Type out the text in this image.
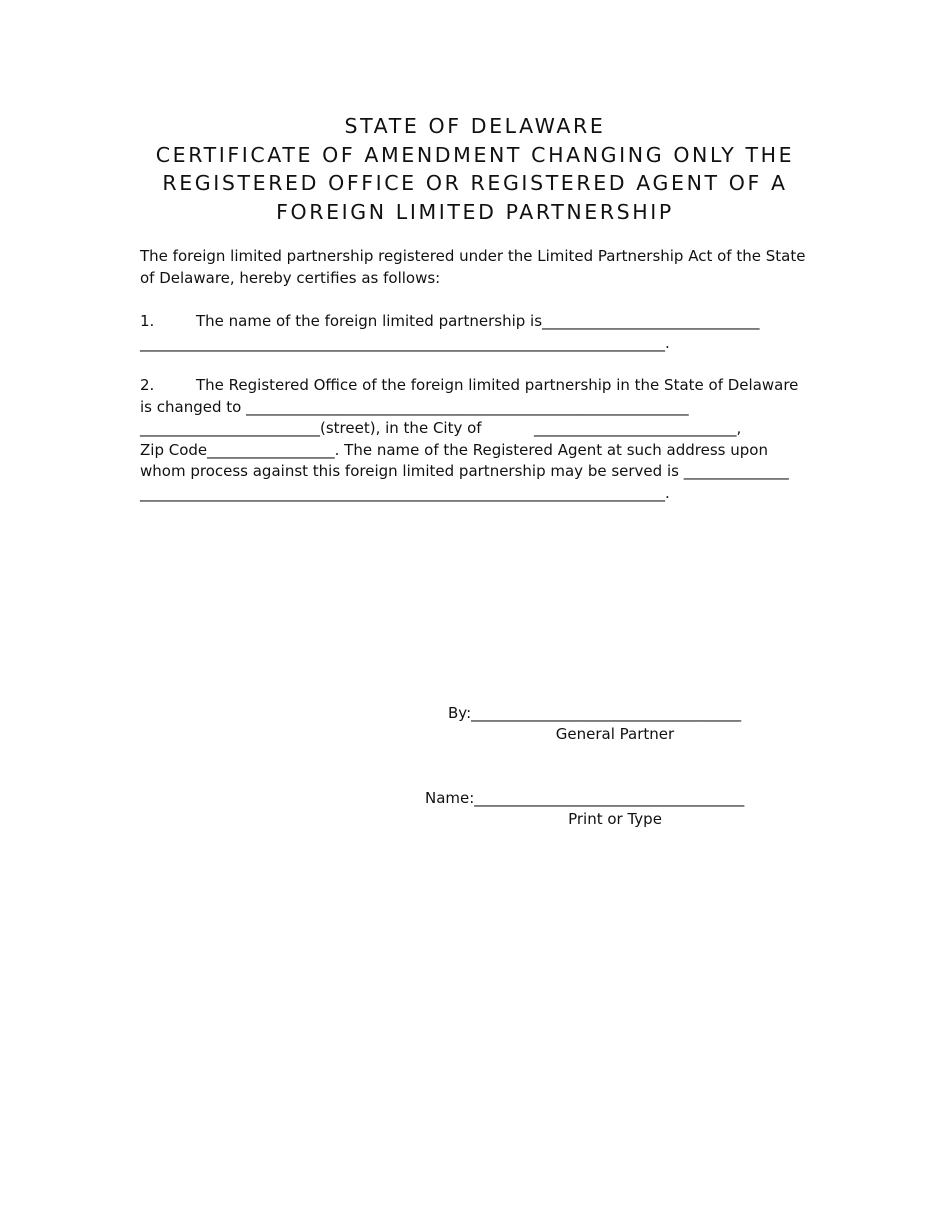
STATE OF DELAWARE
CERTIFICATE OF AMENDMENT CHANGING ONLY THE
REGISTERED OFFICE OR REGISTERED AGENT OF A
FOREIGN LIMITED PARTNERSHIP
The foreign limited partnership registered under the Limited Partnership Act of the State
of Delaware, hereby certifies as follows:
1.	The name of the foreign limited partnership is_____________________________
______________________________________________________________________.
2.	The Registered Office of the foreign limited partnership in the State of Delaware
is changed to ___________________________________________________________
________________________(street), in the City of	___________________________,
Zip Code_________________. The name of the Registered Agent at such address upon
whom process against this foreign limited partnership may be served is ______________
______________________________________________________________________.
By:____________________________________
General Partner
Name:____________________________________
Print or Type
